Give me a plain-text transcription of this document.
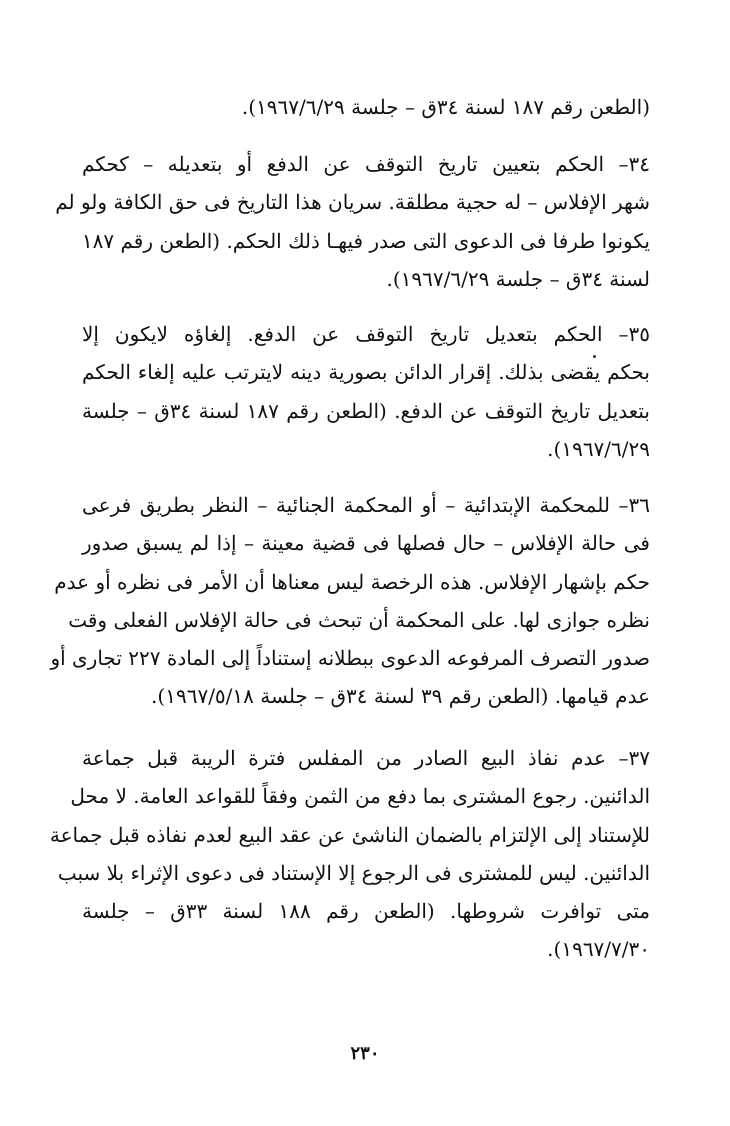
(الطعن رقم ١٨٧ لسنة ٣٤ق – جلسة ١٩٦٧/٦/٢٩).
٣٤– الحكم بتعيين تاريخ التوقف عن الدفع أو بتعديله – كحكم
شهر الإفلاس – له حجية مطلقة. سريان هذا التاريخ فى حق الكافة ولو لم
يكونوا طرفا فى الدعوى التى صدر فيهـا ذلك الحكم. (الطعن رقم ١٨٧
لسنة ٣٤ق – جلسة ١٩٦٧/٦/٢٩).
٣٥– الحكم بتعديل تاريخ التوقف عن الدفع. إلغاؤه لايكون إلا
بحكم يقضى بذلك. إقرار الدائن بصورية دينه لايترتب عليه إلغاء الحكم
بتعديل تاريخ التوقف عن الدفع. (الطعن رقم ١٨٧ لسنة ٣٤ق – جلسة
١٩٦٧/٦/٢٩).
٣٦– للمحكمة الإبتدائية – أو المحكمة الجنائية – النظر بطريق فرعى
فى حالة الإفلاس – حال فصلها فى قضية معينة – إذا لم يسبق صدور
حكم بإشهار الإفلاس. هذه الرخصة ليس معناها أن الأمر فى نظره أو عدم
نظره جوازى لها. على المحكمة أن تبحث فى حالة الإفلاس الفعلى وقت
صدور التصرف المرفوعه الدعوى ببطلانه إستناداً إلى المادة ٢٢٧ تجارى أو
عدم قيامها. (الطعن رقم ٣٩ لسنة ٣٤ق – جلسة ١٩٦٧/٥/١٨).
٣٧– عدم نفاذ البيع الصادر من المفلس فترة الريبة قبل جماعة
الدائنين. رجوع المشترى بما دفع من الثمن وفقاً للقواعد العامة. لا محل
للإستناد إلى الإلتزام بالضمان الناشئ عن عقد البيع لعدم نفاذه قبل جماعة
الدائنين. ليس للمشترى فى الرجوع إلا الإستناد فى دعوى الإثراء بلا سبب
متى توافرت شروطها. (الطعن رقم ١٨٨ لسنة ٣٣ق – جلسة
١٩٦٧/٧/٣٠).
٢٣٠
